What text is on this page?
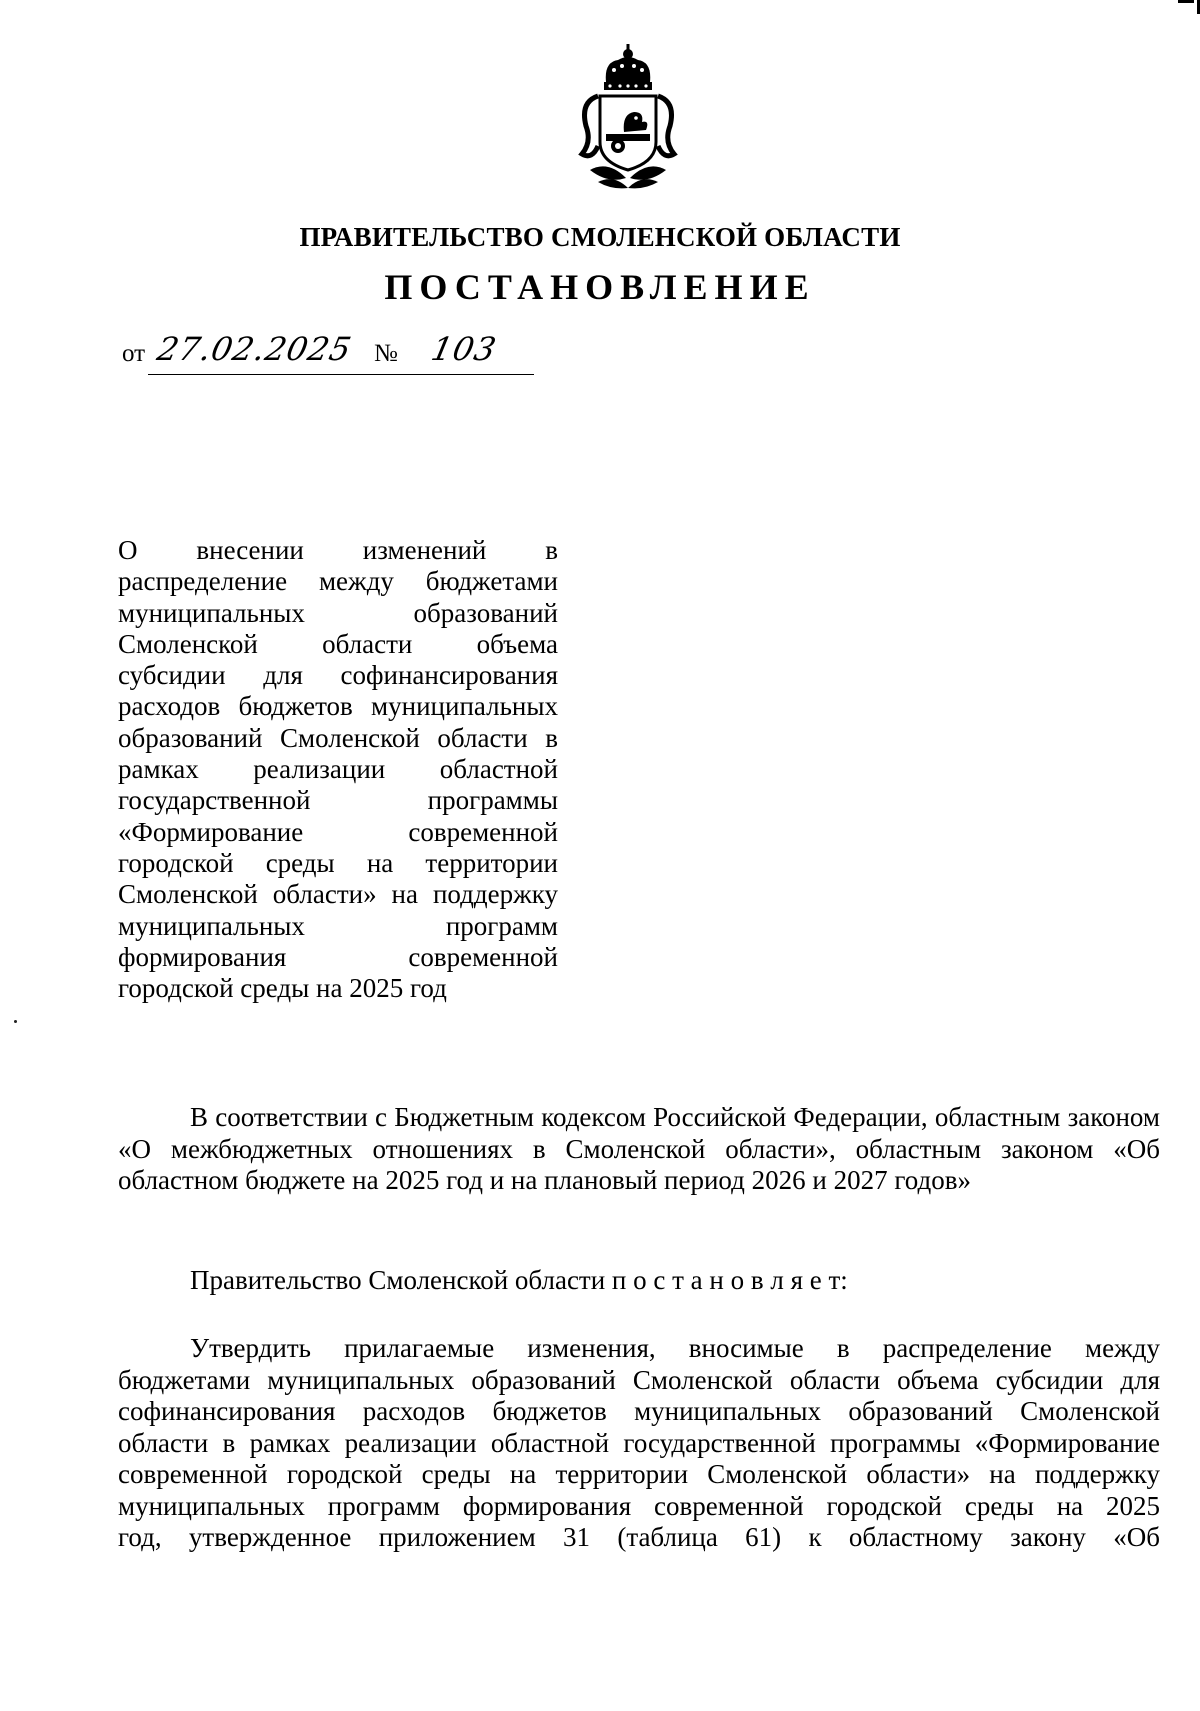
ПРАВИТЕЛЬСТВО СМОЛЕНСКОЙ ОБЛАСТИ
ПОСТАНОВЛЕНИЕ
от 27.02.2025 № 103
О внесении изменений в
распределение между бюджетами
муниципальных образований
Смоленской области объема
субсидии для софинансирования
расходов бюджетов муниципальных
образований Смоленской области в
рамках реализации областной
государственной программы
«Формирование современной
городской среды на территории
Смоленской области» на поддержку
муниципальных программ
формирования современной
городской среды на 2025 год

В соответствии с Бюджетным кодексом Российской Федерации, областным законом «О межбюджетных отношениях в Смоленской области», областным законом «Об областном бюджете на 2025 год и на плановый период 2026 и 2027 годов»

Правительство Смоленской области п о с т а н о в л я е т:

Утвердить прилагаемые изменения, вносимые в распределение между
бюджетами муниципальных образований Смоленской области объема субсидии для
софинансирования расходов бюджетов муниципальных образований Смоленской
области в рамках реализации областной государственной программы «Формирование
современной городской среды на территории Смоленской области» на поддержку
муниципальных программ формирования современной городской среды на 2025
год, утвержденное приложением 31 (таблица 61) к областному закону «Об
